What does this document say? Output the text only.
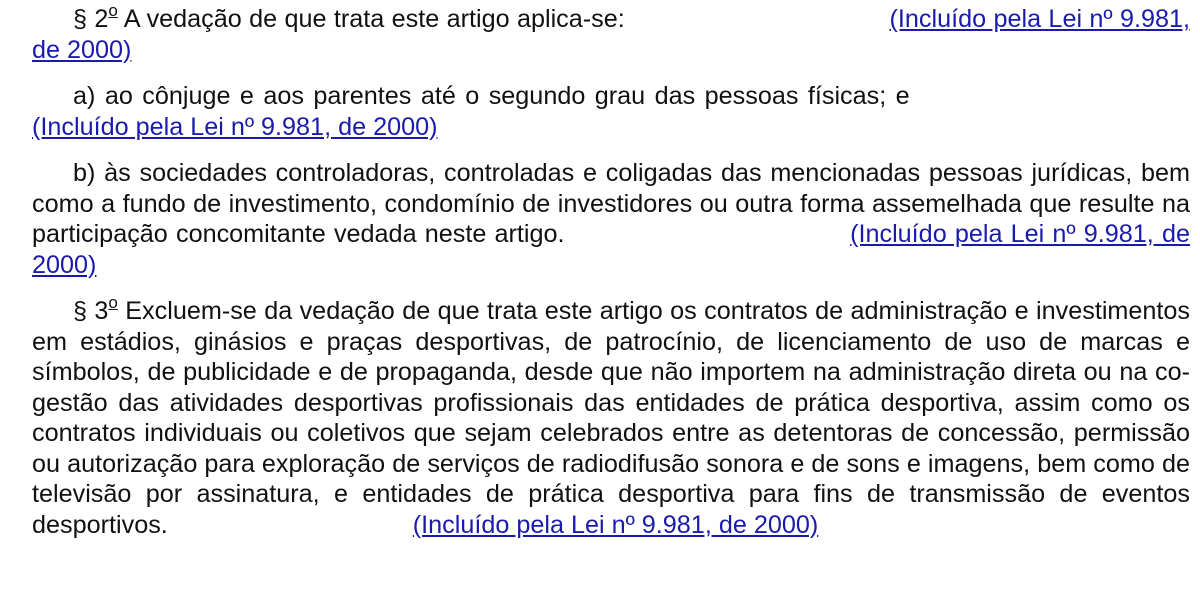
§ 2$^o$ A vedação de que trata este artigo aplica-se:	(Incluído pela Lei nº 9.981, de 2000)

a) ao cônjuge e aos parentes até o segundo grau das pessoas físicas; e                               (Incluído pela Lei nº 9.981, de 2000)

b) às sociedades controladoras, controladas e coligadas das mencionadas pessoas jurídicas, bem como a fundo de investimento, condomínio de investidores ou outra forma assemelhada que resulte na participação concomitante vedada neste artigo.	(Incluído pela Lei nº 9.981, de 2000)

§ 3$^o$ Excluem-se da vedação de que trata este artigo os contratos de administração e investimentos em estádios, ginásios e praças desportivas, de patrocínio, de licenciamento de uso de marcas e símbolos, de publicidade e de propaganda, desde que não importem na administração direta ou na co-gestão das atividades desportivas profissionais das entidades de prática desportiva, assim como os contratos individuais ou coletivos que sejam celebrados entre as detentoras de concessão, permissão ou autorização para exploração de serviços de radiodifusão sonora e de sons e imagens, bem como de televisão por assinatura, e entidades de prática desportiva para fins de transmissão de eventos desportivos.	(Incluído pela Lei nº 9.981, de 2000)
